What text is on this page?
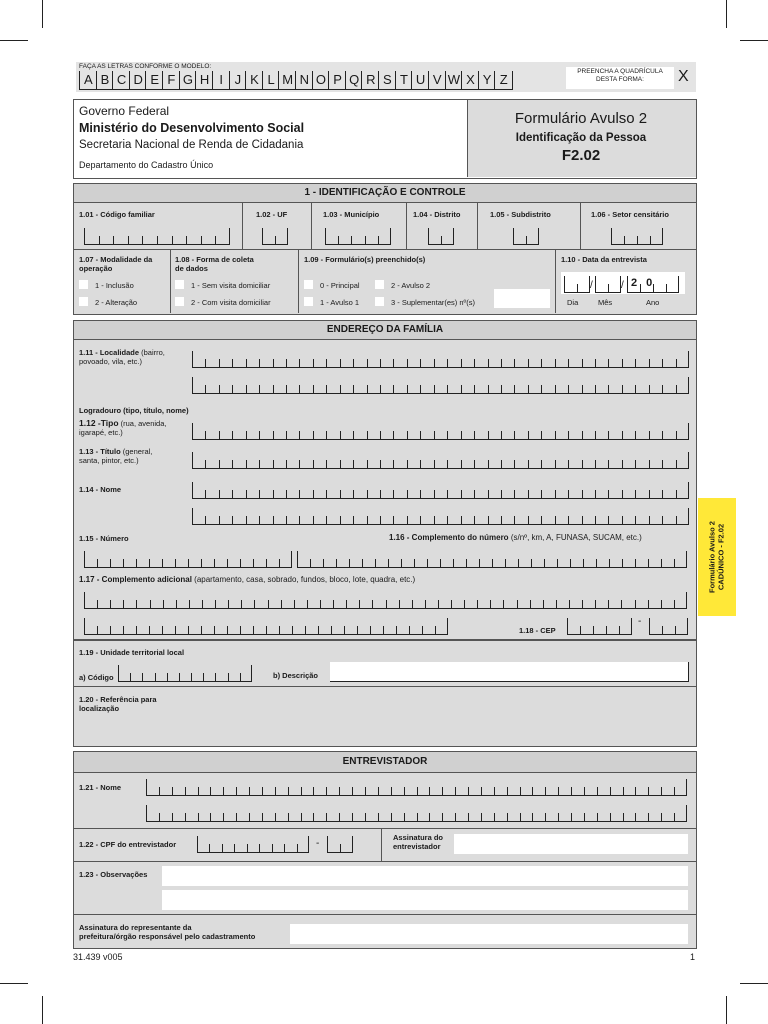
FAÇA AS LETRAS CONFORME O MODELO:
A B C D E F G H I J K L M N O P Q R S T U V W X Y Z
PREENCHA A QUADRÍCULA DESTA FORMA:	X
Governo Federal
Ministério do Desenvolvimento Social
Secretaria Nacional de Renda de Cidadania
Departamento do Cadastro Único
Formulário Avulso 2
Identificação da Pessoa
F2.02
1 - IDENTIFICAÇÃO E CONTROLE
1.01 - Código familiar	1.02 - UF	1.03 - Município	1.04 - Distrito	1.05 - Subdistrito	1.06 - Setor censitário
1.07 - Modalidade da
operação
1 - Inclusão
2 - Alteração
1.08 - Forma de coleta
de dados
1 - Sem visita domiciliar
2 - Com visita domiciliar
1.09 - Formulário(s) preenchido(s)
0 - Principal	2 - Avulso 2
1 - Avulso 1	3 - Suplementar(es) nº(s)
1.10 - Data da entrevista
/	/ 2 0
Dia	Mês	Ano
ENDEREÇO DA FAMÍLIA
1.11 - Localidade (bairro,
povoado, vila, etc.)
Logradouro (tipo, título, nome)
1.12 -Tipo (rua, avenida,
igarapé, etc.)
1.13 - Título (general,
santa, pintor, etc.)
1.14 - Nome
1.15 - Número	1.16 - Complemento do número (s/nº, km, A, FUNASA, SUCAM, etc.)
1.17 - Complemento adicional (apartamento, casa, sobrado, fundos, bloco, lote, quadra, etc.)
1.18 - CEP
-
1.19 - Unidade territorial local
a) Código	b) Descrição
1.20 - Referência para
localização
ENTREVISTADOR
1.21 - Nome
1.22 - CPF do entrevistador	-
Assinatura do
entrevistador
1.23 - Observações
Assinatura do representante da
prefeitura/órgão responsável pelo cadastramento
Formulário Avulso 2 CADÚNICO - F2.02
31.439 v005	1
